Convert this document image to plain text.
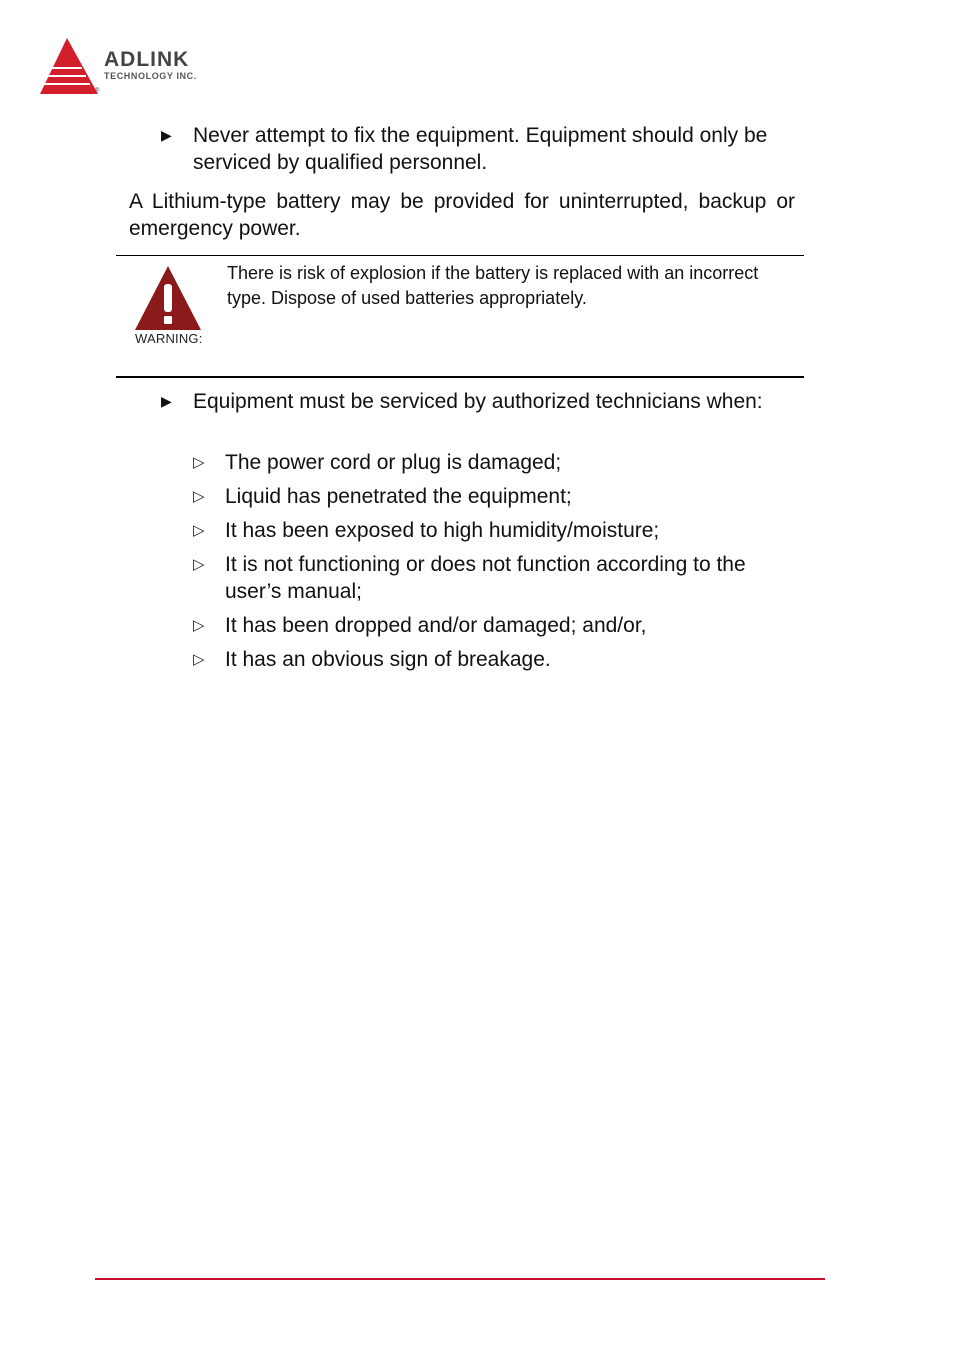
ADLINK
TECHNOLOGY INC.
®
▶ Never attempt to fix the equipment. Equipment should only be serviced by qualified personnel.
A Lithium-type battery may be provided for uninterrupted, backup or emergency power.
WARNING:
There is risk of explosion if the battery is replaced with an incorrect type. Dispose of used batteries appropriately.
▶ Equipment must be serviced by authorized technicians when:
▷ The power cord or plug is damaged;
▷ Liquid has penetrated the equipment;
▷ It has been exposed to high humidity/moisture;
▷ It is not functioning or does not function according to the user’s manual;
▷ It has been dropped and/or damaged; and/or,
▷ It has an obvious sign of breakage.
